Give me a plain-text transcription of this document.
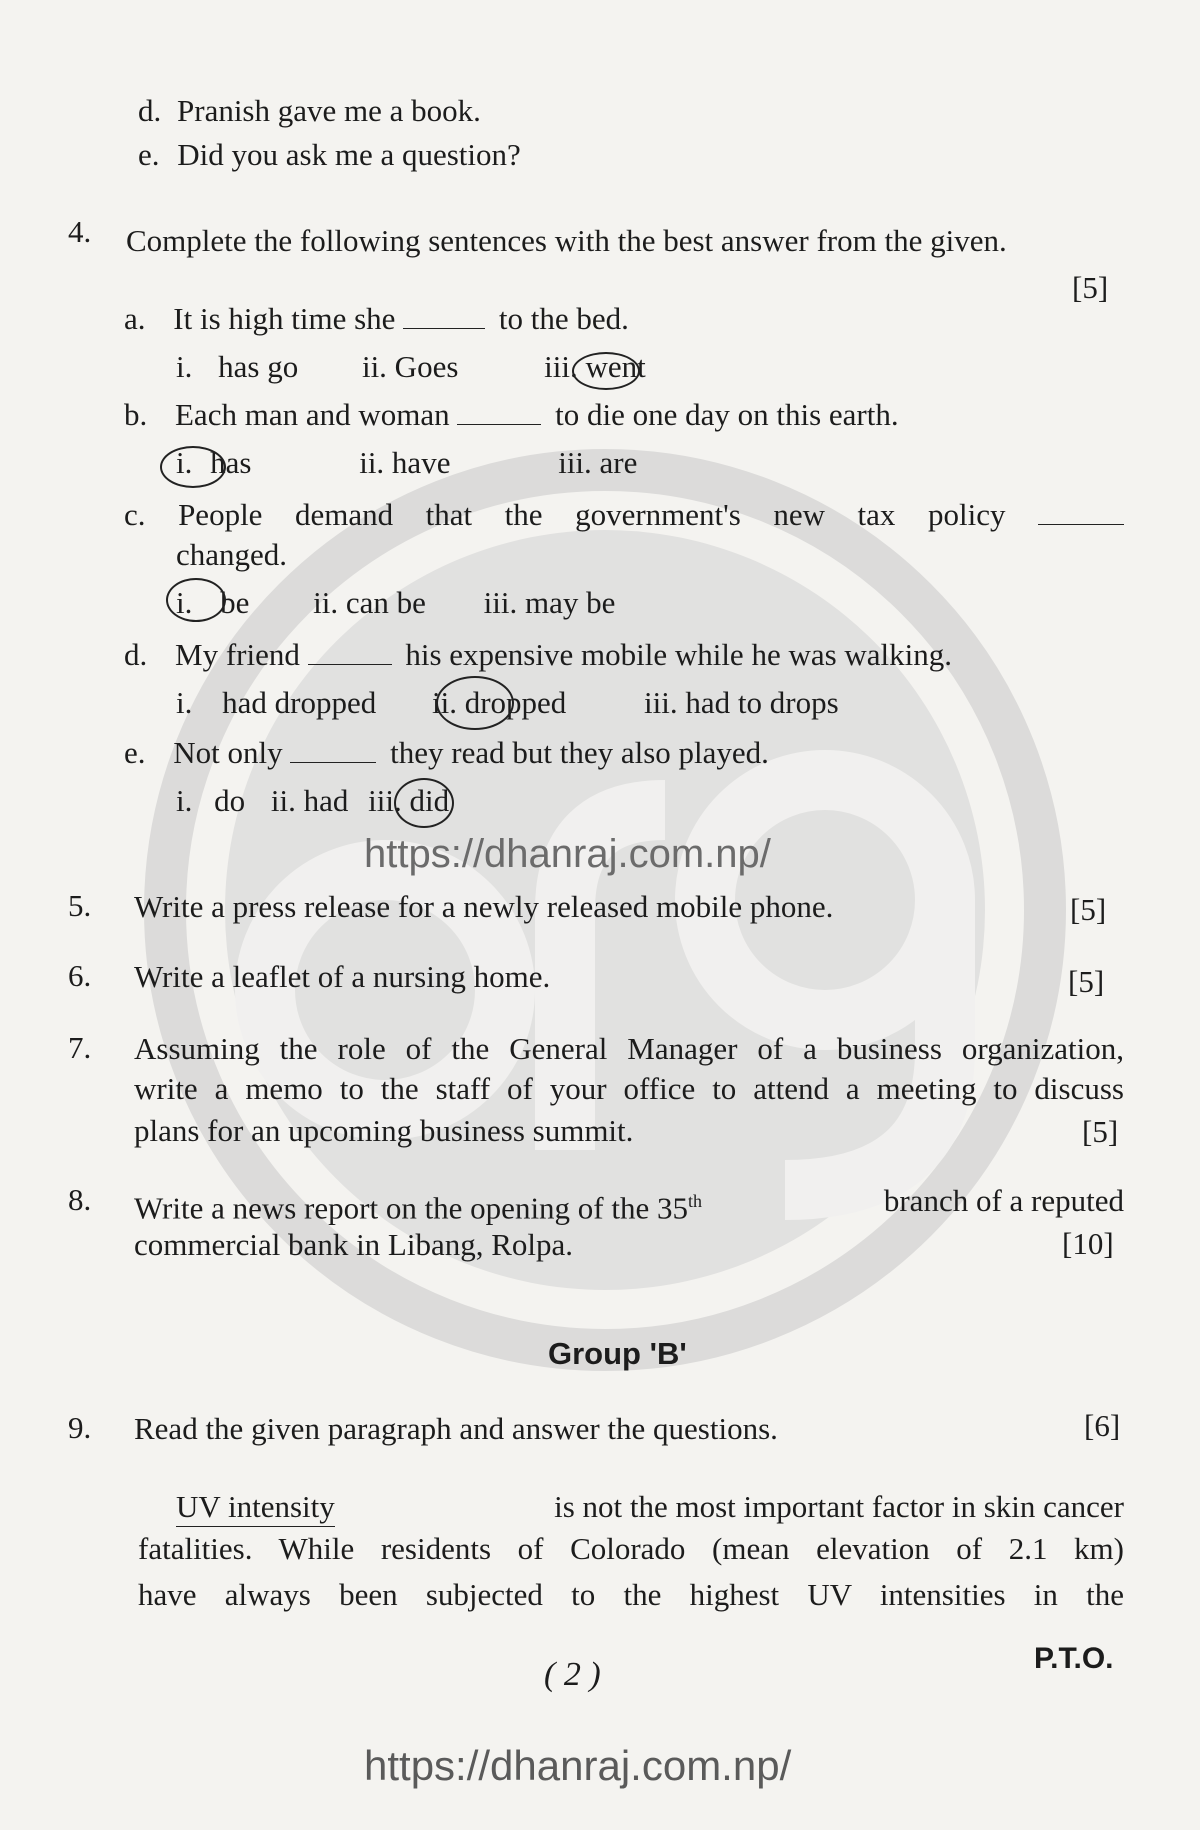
d. Pranish gave me a book.
e. Did you ask me a question?
4. Complete the following sentences with the best answer from the given.
[5]
a. It is high time she	to the bed.
i. has go ii. Goes	iii. went
b. Each man and woman	to die one day on this earth.
i. has	ii. have	iii. are
c. People demand that the government's new tax policy
changed.
i. be ii. can be iii. may be
d. My friend	his expensive mobile while he was walking.
i. had dropped ii. dropped	iii. had to drops
e. Not only	they read but they also played.
i. do ii. had iii. did
https://dhanraj.com.np/
5. Write a press release for a newly released mobile phone.	[5]
6. Write a leaflet of a nursing home.	[5]
7. Assuming the role of the General Manager of a business organization,
write a memo to the staff of your office to attend a meeting to discuss
plans for an upcoming business summit.	[5]
8. Write a news report on the opening of the 35th	branch of a reputed
commercial bank in Libang, Rolpa.	[10]
Group 'B'
9. Read the given paragraph and answer the questions.	[6]
UV intensity	is not the most important factor in skin cancer
fatalities. While residents of Colorado (mean elevation of 2.1 km)
have always been subjected to the highest UV intensities in the
( 2 )	P.T.O.
https://dhanraj.com.np/
